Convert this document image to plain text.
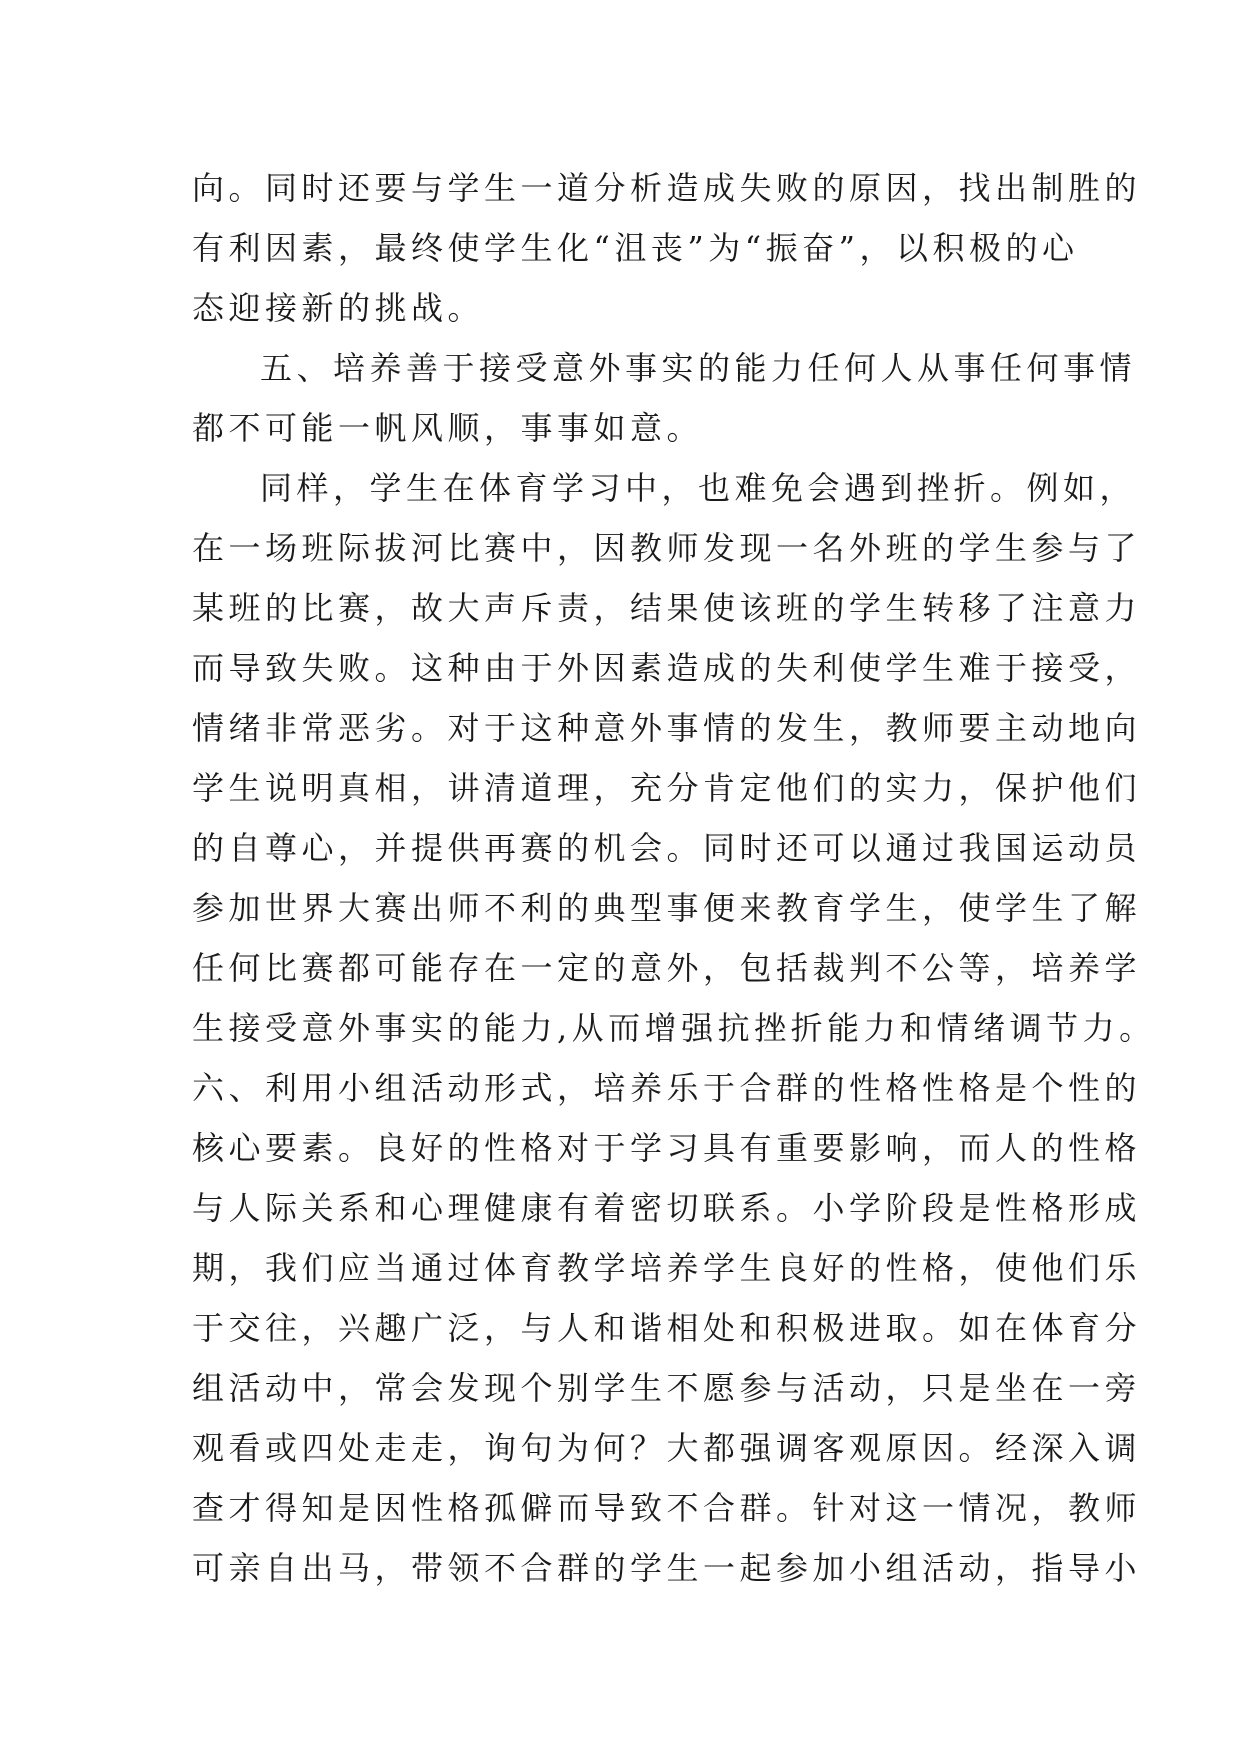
向。同时还要与学生一道分析造成失败的原因，找出制胜的
有利因素，最终使学生化“沮丧”为“振奋”，以积极的心
态迎接新的挑战。
五、培养善于接受意外事实的能力任何人从事任何事情
都不可能一帆风顺，事事如意。
同样，学生在体育学习中，也难免会遇到挫折。例如，
在一场班际拔河比赛中，因教师发现一名外班的学生参与了
某班的比赛，故大声斥责，结果使该班的学生转移了注意力
而导致失败。这种由于外因素造成的失利使学生难于接受，
情绪非常恶劣。对于这种意外事情的发生，教师要主动地向
学生说明真相，讲清道理，充分肯定他们的实力，保护他们
的自尊心，并提供再赛的机会。同时还可以通过我国运动员
参加世界大赛出师不利的典型事便来教育学生，使学生了解
任何比赛都可能存在一定的意外，包括裁判不公等，培养学
生接受意外事实的能力,从而增强抗挫折能力和情绪调节力。
六、利用小组活动形式，培养乐于合群的性格性格是个性的
核心要素。良好的性格对于学习具有重要影响，而人的性格
与人际关系和心理健康有着密切联系。小学阶段是性格形成
期，我们应当通过体育教学培养学生良好的性格，使他们乐
于交往，兴趣广泛，与人和谐相处和积极进取。如在体育分
组活动中，常会发现个别学生不愿参与活动，只是坐在一旁
观看或四处走走，询句为何？大都强调客观原因。经深入调
查才得知是因性格孤僻而导致不合群。针对这一情况，教师
可亲自出马，带领不合群的学生一起参加小组活动，指导小
